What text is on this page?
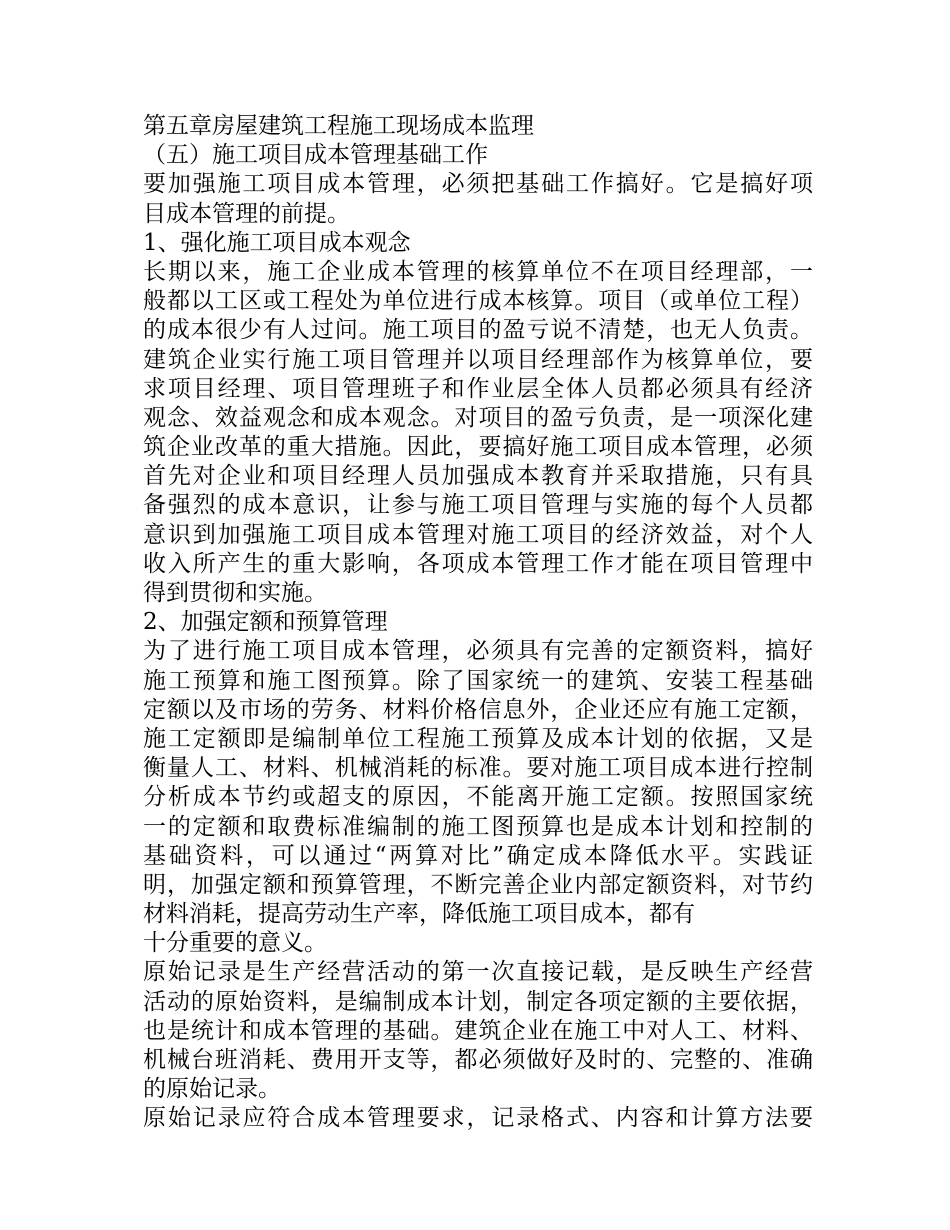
第五章房屋建筑工程施工现场成本监理
（五）施工项目成本管理基础工作
要加强施工项目成本管理，必须把基础工作搞好。它是搞好项
目成本管理的前提。
1、强化施工项目成本观念
长期以来，施工企业成本管理的核算单位不在项目经理部，一
般都以工区或工程处为单位进行成本核算。项目（或单位工程）
的成本很少有人过问。施工项目的盈亏说不清楚，也无人负责。
建筑企业实行施工项目管理并以项目经理部作为核算单位，要
求项目经理、项目管理班子和作业层全体人员都必须具有经济
观念、效益观念和成本观念。对项目的盈亏负责，是一项深化建
筑企业改革的重大措施。因此，要搞好施工项目成本管理，必须
首先对企业和项目经理人员加强成本教育并采取措施，只有具
备强烈的成本意识，让参与施工项目管理与实施的每个人员都
意识到加强施工项目成本管理对施工项目的经济效益，对个人
收入所产生的重大影响，各项成本管理工作才能在项目管理中
得到贯彻和实施。
2、加强定额和预算管理
为了进行施工项目成本管理，必须具有完善的定额资料，搞好
施工预算和施工图预算。除了国家统一的建筑、安装工程基础
定额以及市场的劳务、材料价格信息外，企业还应有施工定额，
施工定额即是编制单位工程施工预算及成本计划的依据，又是
衡量人工、材料、机械消耗的标准。要对施工项目成本进行控制
分析成本节约或超支的原因，不能离开施工定额。按照国家统
一的定额和取费标准编制的施工图预算也是成本计划和控制的
基础资料，可以通过“两算对比”确定成本降低水平。实践证
明，加强定额和预算管理，不断完善企业内部定额资料，对节约
材料消耗，提高劳动生产率，降低施工项目成本，都有
十分重要的意义。
原始记录是生产经营活动的第一次直接记载，是反映生产经营
活动的原始资料，是编制成本计划，制定各项定额的主要依据，
也是统计和成本管理的基础。建筑企业在施工中对人工、材料、
机械台班消耗、费用开支等，都必须做好及时的、完整的、准确
的原始记录。
原始记录应符合成本管理要求，记录格式、内容和计算方法要
